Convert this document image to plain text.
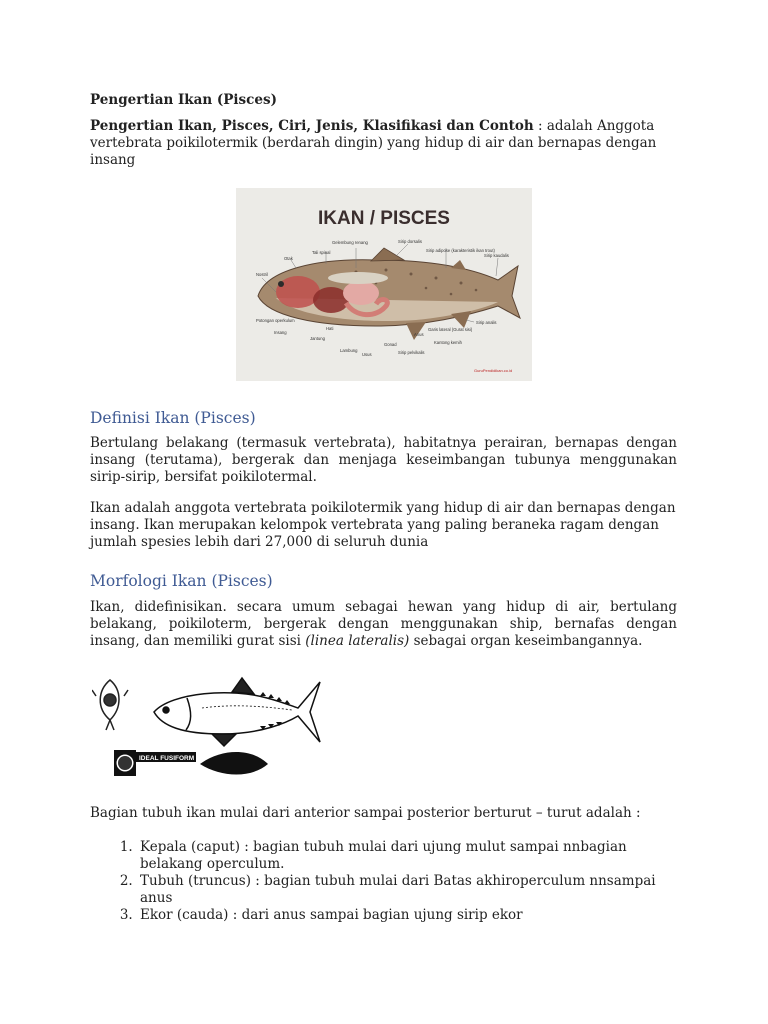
Pengertian Ikan (Pisces)

Pengertian Ikan, Pisces, Ciri, Jenis, Klasifikasi dan Contoh : adalah Anggota vertebrata poikilotermik (berdarah dingin) yang hidup di air dan bernapas dengan insang

IKAN / PISCES
Gelembung renang	Sirip dorsalis
Sirip adipose (karakteristik ikan trout)
Tali spinal
Otak
Sirip kaudalis
Nostril
Potongan operkulum	Sirip analis
Garis lateral (Gurat sisi)
Insang
Hati
Anus
Kantong kemih
Gonad
Jantung
Lambung
Usus	Sirip pelvikalis
GuruPendidikan.co.id
Definisi Ikan (Pisces)

Bertulang belakang (termasuk vertebrata), habitatnya perairan, bernapas dengan insang (terutama), bergerak dan menjaga keseimbangan tubunya menggunakan sirip-sirip, bersifat poikilotermal.

Ikan adalah anggota vertebrata poikilotermik yang hidup di air dan bernapas dengan insang. Ikan merupakan kelompok vertebrata yang paling beraneka ragam dengan jumlah spesies lebih dari 27,000 di seluruh dunia

Morfologi Ikan (Pisces)

Ikan, didefinisikan. secara umum sebagai hewan yang hidup di air, bertulang belakang, poikiloterm, bergerak dengan menggunakan ship, bernafas dengan insang, dan memiliki gurat sisi (linea lateralis) sebagai organ keseimbangannya.

IDEAL FUSIFORM

Bagian tubuh ikan mulai dari anterior sampai posterior berturut – turut adalah :

1. Kepala (caput) : bagian tubuh mulai dari ujung mulut sampai nnbagian belakang operculum.
2. Tubuh (truncus) : bagian tubuh mulai dari Batas akhiroperculum nnsampai anus
3. Ekor (cauda) : dari anus sampai bagian ujung sirip ekor
